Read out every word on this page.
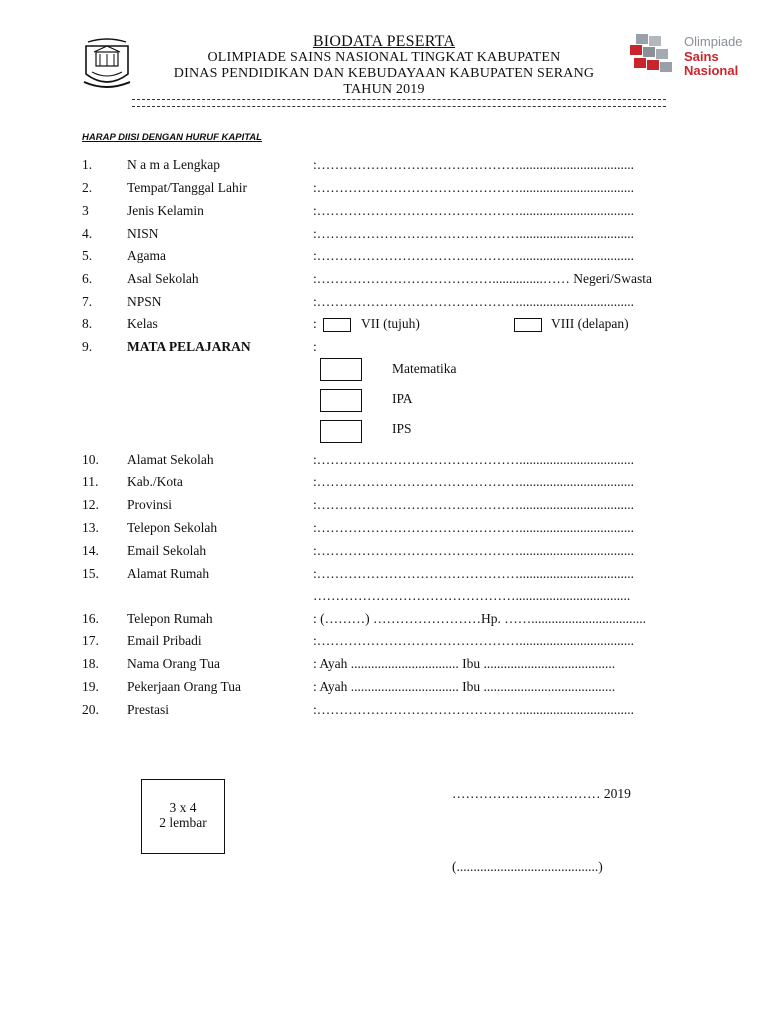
BIODATA PESERTA
OLIMPIADE SAINS NASIONAL TINGKAT KABUPATEN
DINAS PENDIDIKAN DAN KEBUDAYAAN KABUPATEN SERANG
TAHUN 2019
Olimpiade
Sains
Nasional
HARAP DIISI DENGAN HURUF KAPITAL
1.	N a m a Lengkap	:………………………………………..................................
2.	Tempat/Tanggal Lahir	:………………………………………..................................
3	Jenis Kelamin	:………………………………………..................................
4.	NISN	:………………………………………..................................
5.	Agama	:………………………………………..................................
6.	Asal Sekolah	:…………………………………...............…… Negeri/Swasta
7.	NPSN	:………………………………………..................................
8.	Kelas	:	VII (tujuh)	VIII (delapan)
9.	MATA PELAJARAN	:
Matematika
IPA
IPS
10. Alamat Sekolah	:………………………………………..................................
11. Kab./Kota	:………………………………………..................................
12. Provinsi	:………………………………………..................................
13. Telepon Sekolah	:………………………………………..................................
14. Email Sekolah	:………………………………………..................................
15. Alamat Rumah	:………………………………………..................................
………………………………………..................................
16. Telepon Rumah	: (………) ……………………Hp. ……..................................
17. Email Pribadi	:………………………………………..................................
18. Nama Orang Tua	: Ayah ................................ Ibu .......................................
19. Pekerjaan Orang Tua	: Ayah ................................ Ibu .......................................
20. Prestasi	:………………………………………..................................
3 x 4
2 lembar
…………………………… 2019
(..........................................)
